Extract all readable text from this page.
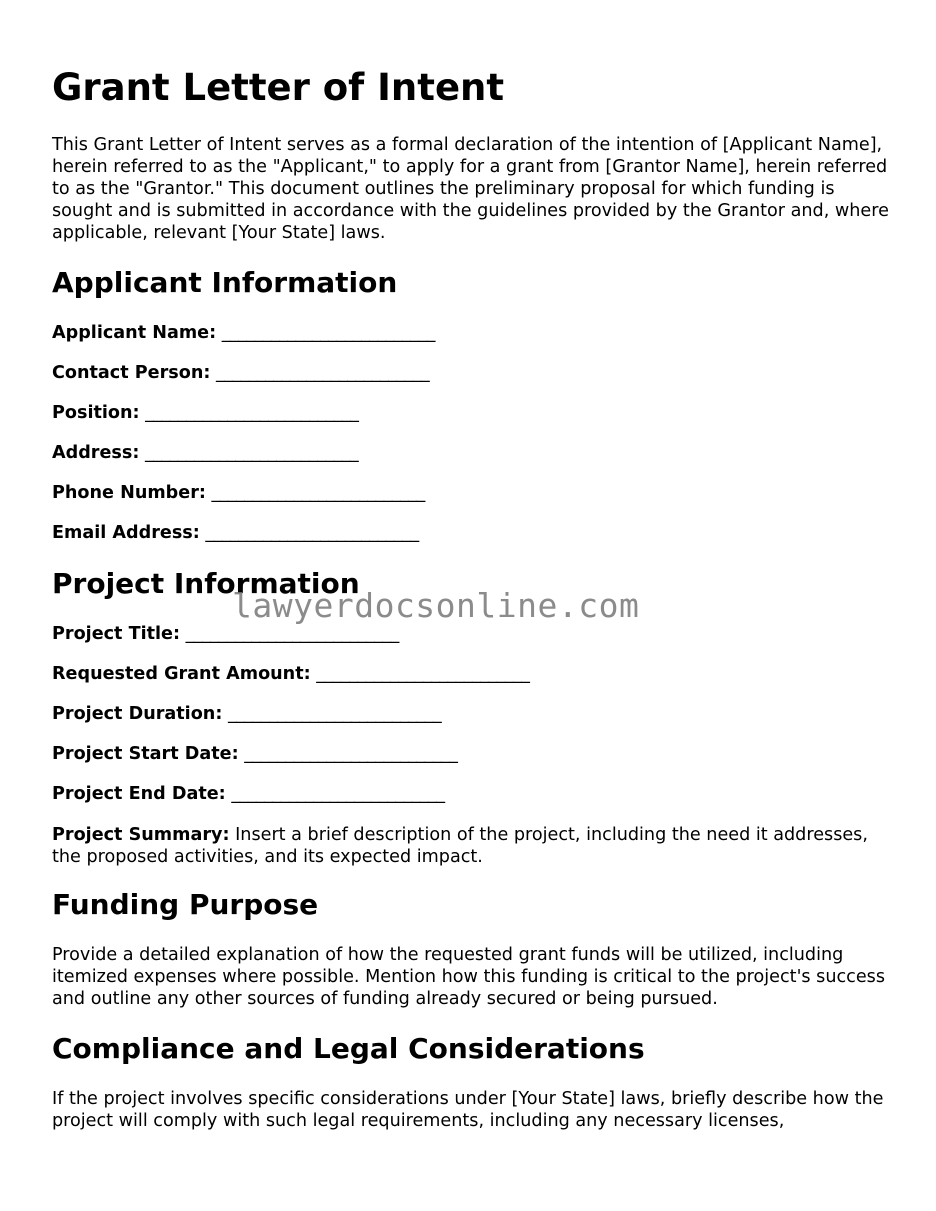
Grant Letter of Intent

This Grant Letter of Intent serves as a formal declaration of the intention of [Applicant Name], herein referred to as the "Applicant," to apply for a grant from [Grantor Name], herein referred to as the "Grantor." This document outlines the preliminary proposal for which funding is sought and is submitted in accordance with the guidelines provided by the Grantor and, where applicable, relevant [Your State] laws.

Applicant Information
Applicant Name: __________________________
Contact Person: __________________________
Position: __________________________
Address: __________________________
Phone Number: __________________________
Email Address: __________________________
Project Information
Project Title: __________________________
Requested Grant Amount: __________________________
Project Duration: __________________________
Project Start Date: __________________________
Project End Date: __________________________

Project Summary: Insert a brief description of the project, including the need it addresses, the proposed activities, and its expected impact.

Funding Purpose

Provide a detailed explanation of how the requested grant funds will be utilized, including itemized expenses where possible. Mention how this funding is critical to the project's success and outline any other sources of funding already secured or being pursued.

Compliance and Legal Considerations

If the project involves specific considerations under [Your State] laws, briefly describe how the project will comply with such legal requirements, including any necessary licenses,

lawyerdocsonline.com
